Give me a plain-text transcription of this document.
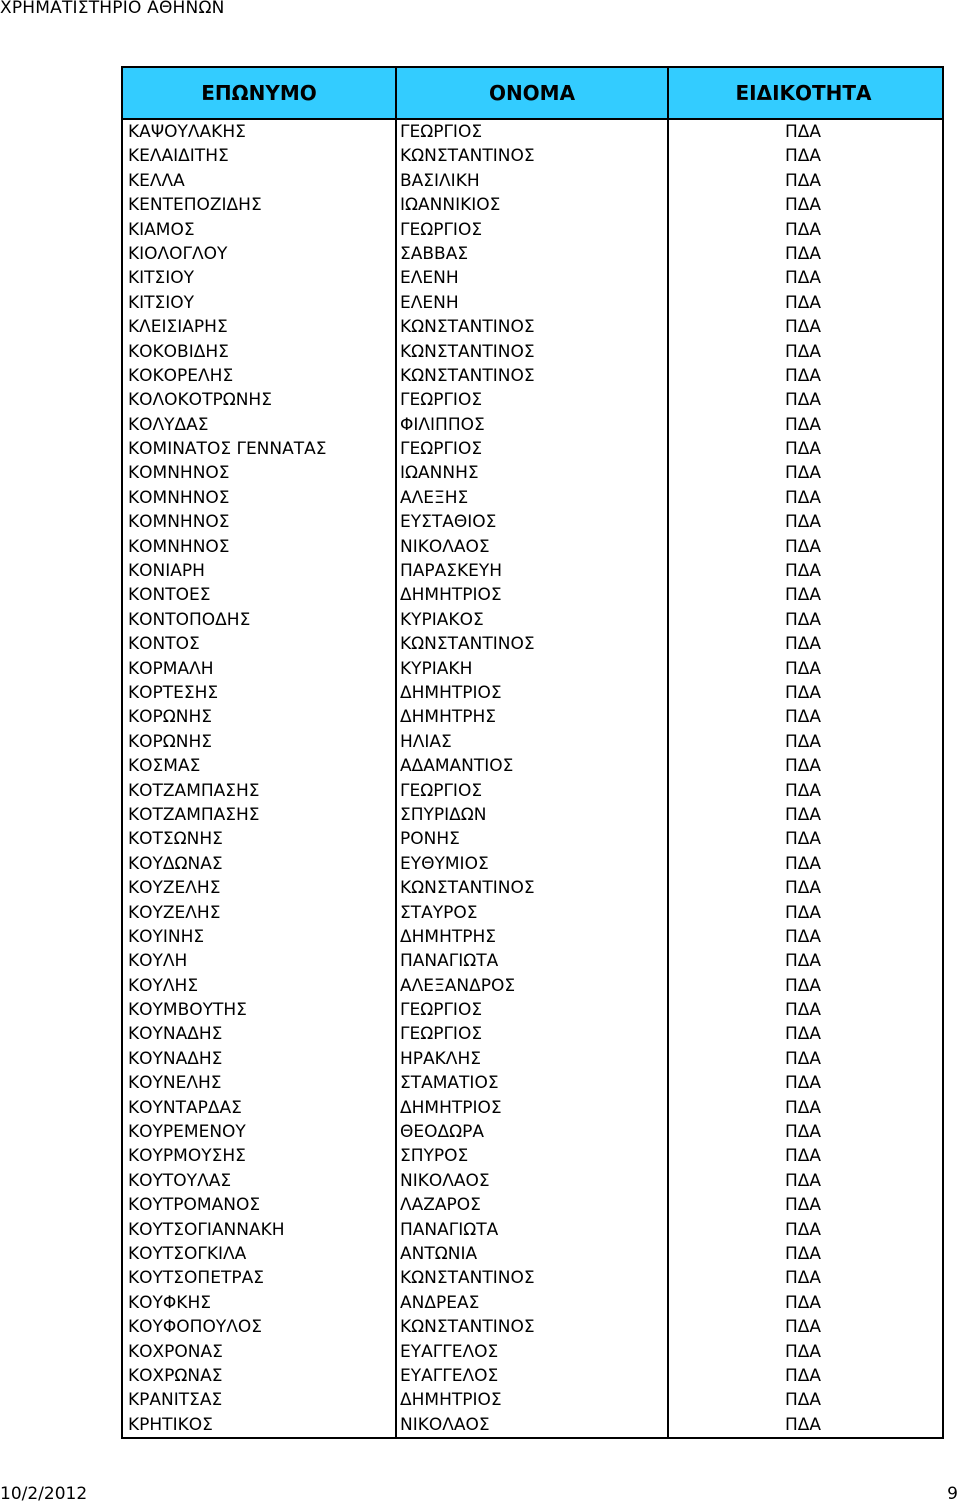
ΧΡΗΜΑΤΙΣΤΗΡΙΟ ΑΘΗΝΩΝ
ΕΠΩΝΥΜΟ	ΟΝΟΜΑ	ΕΙΔΙΚΟΤΗΤΑ
ΚΑΨΟΥΛΑΚΗΣ	ΓΕΩΡΓΙΟΣ	ΠΔΑ
ΚΕΛΑΙΔΙΤΗΣ	ΚΩΝΣΤΑΝΤΙΝΟΣ	ΠΔΑ
ΚΕΛΛΑ	ΒΑΣΙΛΙΚΗ	ΠΔΑ
ΚΕΝΤΕΠΟΖΙΔΗΣ	ΙΩΑΝΝΙΚΙΟΣ	ΠΔΑ
ΚΙΑΜΟΣ	ΓΕΩΡΓΙΟΣ	ΠΔΑ
ΚΙΟΛΟΓΛΟΥ	ΣΑΒΒΑΣ	ΠΔΑ
ΚΙΤΣΙΟΥ	ΕΛΕΝΗ	ΠΔΑ
ΚΙΤΣΙΟΥ	ΕΛΕΝΗ	ΠΔΑ
ΚΛΕΙΣΙΑΡΗΣ	ΚΩΝΣΤΑΝΤΙΝΟΣ	ΠΔΑ
ΚΟΚΟΒΙΔΗΣ	ΚΩΝΣΤΑΝΤΙΝΟΣ	ΠΔΑ
ΚΟΚΟΡΕΛΗΣ	ΚΩΝΣΤΑΝΤΙΝΟΣ	ΠΔΑ
ΚΟΛΟΚΟΤΡΩΝΗΣ	ΓΕΩΡΓΙΟΣ	ΠΔΑ
ΚΟΛΥΔΑΣ	ΦΙΛΙΠΠΟΣ	ΠΔΑ
ΚΟΜΙΝΑΤΟΣ ΓΕΝΝΑΤΑΣ	ΓΕΩΡΓΙΟΣ	ΠΔΑ
ΚΟΜΝΗΝΟΣ	ΙΩΑΝΝΗΣ	ΠΔΑ
ΚΟΜΝΗΝΟΣ	ΑΛΕΞΗΣ	ΠΔΑ
ΚΟΜΝΗΝΟΣ	ΕΥΣΤΑΘΙΟΣ	ΠΔΑ
ΚΟΜΝΗΝΟΣ	ΝΙΚΟΛΑΟΣ	ΠΔΑ
ΚΟΝΙΑΡΗ	ΠΑΡΑΣΚΕΥΗ	ΠΔΑ
ΚΟΝΤΟΕΣ	ΔΗΜΗΤΡΙΟΣ	ΠΔΑ
ΚΟΝΤΟΠΟΔΗΣ	ΚΥΡΙΑΚΟΣ	ΠΔΑ
ΚΟΝΤΟΣ	ΚΩΝΣΤΑΝΤΙΝΟΣ	ΠΔΑ
ΚΟΡΜΑΛΗ	ΚΥΡΙΑΚΗ	ΠΔΑ
ΚΟΡΤΕΣΗΣ	ΔΗΜΗΤΡΙΟΣ	ΠΔΑ
ΚΟΡΩΝΗΣ	ΔΗΜΗΤΡΗΣ	ΠΔΑ
ΚΟΡΩΝΗΣ	ΗΛΙΑΣ	ΠΔΑ
ΚΟΣΜΑΣ	ΑΔΑΜΑΝΤΙΟΣ	ΠΔΑ
ΚΟΤΖΑΜΠΑΣΗΣ	ΓΕΩΡΓΙΟΣ	ΠΔΑ
ΚΟΤΖΑΜΠΑΣΗΣ	ΣΠΥΡΙΔΩΝ	ΠΔΑ
ΚΟΤΣΩΝΗΣ	ΡΟΝΗΣ	ΠΔΑ
ΚΟΥΔΩΝΑΣ	ΕΥΘΥΜΙΟΣ	ΠΔΑ
ΚΟΥΖΕΛΗΣ	ΚΩΝΣΤΑΝΤΙΝΟΣ	ΠΔΑ
ΚΟΥΖΕΛΗΣ	ΣΤΑΥΡΟΣ	ΠΔΑ
ΚΟΥΙΝΗΣ	ΔΗΜΗΤΡΗΣ	ΠΔΑ
ΚΟΥΛΗ	ΠΑΝΑΓΙΩΤΑ	ΠΔΑ
ΚΟΥΛΗΣ	ΑΛΕΞΑΝΔΡΟΣ	ΠΔΑ
ΚΟΥΜΒΟΥΤΗΣ	ΓΕΩΡΓΙΟΣ	ΠΔΑ
ΚΟΥΝΑΔΗΣ	ΓΕΩΡΓΙΟΣ	ΠΔΑ
ΚΟΥΝΑΔΗΣ	ΗΡΑΚΛΗΣ	ΠΔΑ
ΚΟΥΝΕΛΗΣ	ΣΤΑΜΑΤΙΟΣ	ΠΔΑ
ΚΟΥΝΤΑΡΔΑΣ	ΔΗΜΗΤΡΙΟΣ	ΠΔΑ
ΚΟΥΡΕΜΕΝΟΥ	ΘΕΟΔΩΡΑ	ΠΔΑ
ΚΟΥΡΜΟΥΣΗΣ	ΣΠΥΡΟΣ	ΠΔΑ
ΚΟΥΤΟΥΛΑΣ	ΝΙΚΟΛΑΟΣ	ΠΔΑ
ΚΟΥΤΡΟΜΑΝΟΣ	ΛΑΖΑΡΟΣ	ΠΔΑ
ΚΟΥΤΣΟΓΙΑΝΝΑΚΗ	ΠΑΝΑΓΙΩΤΑ	ΠΔΑ
ΚΟΥΤΣΟΓΚΙΛΑ	ΑΝΤΩΝΙΑ	ΠΔΑ
ΚΟΥΤΣΟΠΕΤΡΑΣ	ΚΩΝΣΤΑΝΤΙΝΟΣ	ΠΔΑ
ΚΟΥΦΚΗΣ	ΑΝΔΡΕΑΣ	ΠΔΑ
ΚΟΥΦΟΠΟΥΛΟΣ	ΚΩΝΣΤΑΝΤΙΝΟΣ	ΠΔΑ
ΚΟΧΡΟΝΑΣ	ΕΥΑΓΓΕΛΟΣ	ΠΔΑ
ΚΟΧΡΩΝΑΣ	ΕΥΑΓΓΕΛΟΣ	ΠΔΑ
ΚΡΑΝΙΤΣΑΣ	ΔΗΜΗΤΡΙΟΣ	ΠΔΑ
ΚΡΗΤΙΚΟΣ	ΝΙΚΟΛΑΟΣ	ΠΔΑ
10/2/2012	9
